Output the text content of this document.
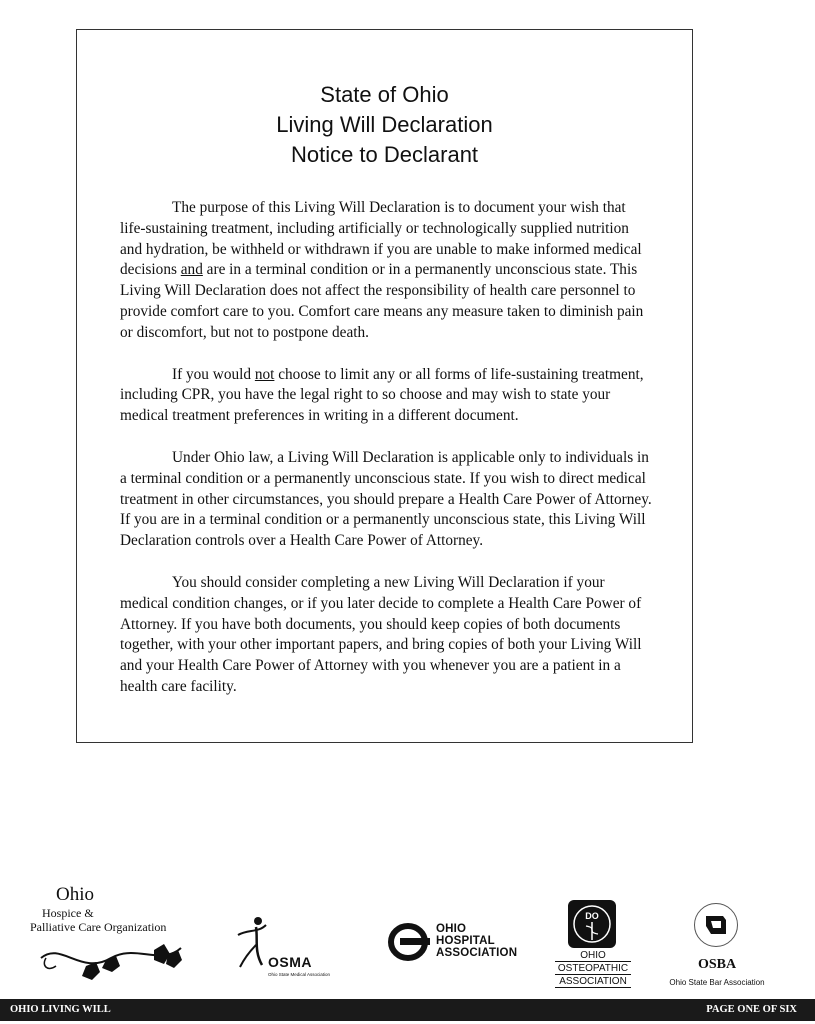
State of Ohio
Living Will Declaration
Notice to Declarant

The purpose of this Living Will Declaration is to document your wish that life-sustaining treatment, including artificially or technologically supplied nutrition and hydration, be withheld or withdrawn if you are unable to make informed medical decisions and are in a terminal condition or in a permanently unconscious state. This Living Will Declaration does not affect the responsibility of health care personnel to provide comfort care to you. Comfort care means any measure taken to diminish pain or discomfort, but not to postpone death.

If you would not choose to limit any or all forms of life-sustaining treatment, including CPR, you have the legal right to so choose and may wish to state your medical treatment preferences in writing in a different document.

Under Ohio law, a Living Will Declaration is applicable only to individuals in a terminal condition or a permanently unconscious state. If you wish to direct medical treatment in other circumstances, you should prepare a Health Care Power of Attorney. If you are in a terminal condition or a permanently unconscious state, this Living Will Declaration controls over a Health Care Power of Attorney.

You should consider completing a new Living Will Declaration if your medical condition changes, or if you later decide to complete a Health Care Power of Attorney. If you have both documents, you should keep copies of both documents together, with your other important papers, and bring copies of both your Living Will and your Health Care Power of Attorney with you whenever you are a patient in a health care facility.

Ohio
Hospice &
Palliative Care Organization
OSMA
Ohio State Medical Association
OHIO
HOSPITAL
ASSOCIATION
DO
OHIO
OSTEOPATHIC
ASSOCIATION
OSBA
Ohio State Bar Association
OHIO LIVING WILL	PAGE ONE OF SIX
